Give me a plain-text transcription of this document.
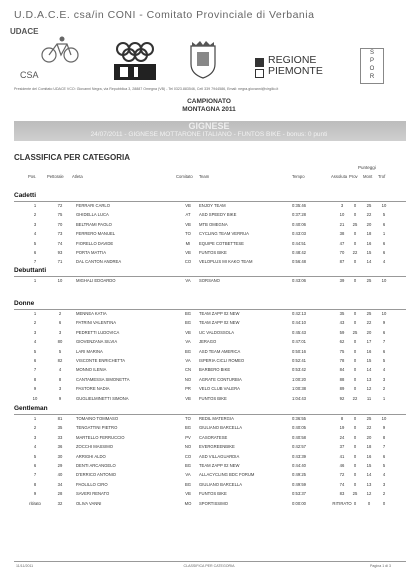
U.D.A.C.E. csa/in CONI - Comitato Provinciale di Verbania
UDACE
CSA
REGIONE
PIEMONTE
S
P
O
R
Presidente del Comitato UDACE VCO: Giovanni Negra, via Repubblica 3, 28887 Omegna (VB) - Tel 0323.883546, Cell 339 7944586, Email: negra.giovanni@virgilio.it
CAMPIONATO
MONTAGNA 2011
GIGNESE
24/07/2011 - GIGNESE MOTTARONE ITALIANO - FUNTOS BIKE - bonus: 0 punti
CLASSIFICA PER CATEGORIA
Punteggi
Pos.	Pettorale Atleta	Comitato Team	Tempo	Assoluta Prov Mont Trof
Cadetti
1	72	FERRARI CARLO	VB	ENJOY TEAM	0:35:46	3	0	25	10
2	75	GHIDELLA LUCA	AT	ASD SPEEDY BIKE	0:37:28	10	0	22	5
3	70	BELTRAMI PAOLO	VB	MTB OMEGNA	0:40:06	21	25	20	6
4	73	FERRERO MANUEL	TO	CYCLING TEAM VERRUA	0:43:03	38	0	18	1
5	74	FIORELLO DAVIDE	MI	EQUIPE COTBETTESE	0:44:51	47	0	16	6
6	93	PORTA MATTIA	VB	FUNTOS BIKE	0:48:42	70	22	15	6
7	71	DAL CANTON ANDREA	CO	VELOPLUS MI KAKO TEAM	0:56:48	87	0	14	4
Debuttanti
1	10	MIGHALI EDOARDO	VA	SORSANO	0:43:06	39	0	25	10
Donne
1	2	MENNEA KATIA	BG	TEAM ZAPP 02 NEW	0:42:13	35	0	25	10
2	6	PATRINI VALENTINA	BG	TEAM ZAPP 02 NEW	0:44:10	43	0	22	9
3	3	PEDRETTI LUDOVICA	VB	UC VALDOSSOLA	0:45:43	59	25	20	6
4	80	GIOVENZANA SILVIA	VA	JERAGO	0:47:01	62	0	17	7
5	5	LARI MARINA	BG	ASD TEAM AMERICA	0:50:16	75	0	16	6
6	82	VISCONTE ENRICHETTA	VA	ISPERIA CICLI ROMEO	0:52:41	78	0	15	5
7	4	MONNO ILENIA	CN	BARBERO BIKE	0:53:42	84	0	14	4
8	8	CANTAMESSA SIMONETTA	NO	AGRATE CONTURBIA	1:00:20	88	0	13	3
9	3	PASTORE NADIA	PR	VELO CLUB VALERA	1:00:38	89	0	12	2
10	9	GUGLIELMINETTI SIMONA	VB	FUNTOS BIKE	1:04:43	92	22	11	1
Gentleman
1	81	TOMAINO TOMMASO	TO	REDIL MATERGIA	0:36:55	8	0	25	10
2	35	TENGATTINI PIETRO	BG	GIULIANO BARCELLA	0:40:05	19	0	22	9
3	33	MARTELLO FERRUCCIO	PV	CASORATESE	0:40:58	24	0	20	8
4	36	ZOCCHI MASSIMO	NO	EVERGREENBIKE	0:42:57	37	0	18	7
5	30	ARRIGHI ALDO	CO	ASD VILLAGUARDIA	0:43:39	41	0	16	6
6	29	DENTI ARCANGELO	BG	TEAM ZAPP 02 NEW	0:44:40	46	0	15	5
7	40	D'ERRICO ANTONIO	VA	ALLACYCLING BDC FORUM	0:49:25	72	0	14	4
8	34	PAOLILLO CIRO	BG	GIULIANO BARCELLA	0:49:59	74	0	13	3
9	28	SAVERI RENATO	VB	FUNTOS BIKE	0:53:37	83	25	12	2
ritirato	32	OLIVA VANNI	MO	SPORTISSIMO	0:00:00	RITIRATO 0	0	0
11/11/2011	CLASSIFICA PER CATEGORIA	Pagina 1 di 3
